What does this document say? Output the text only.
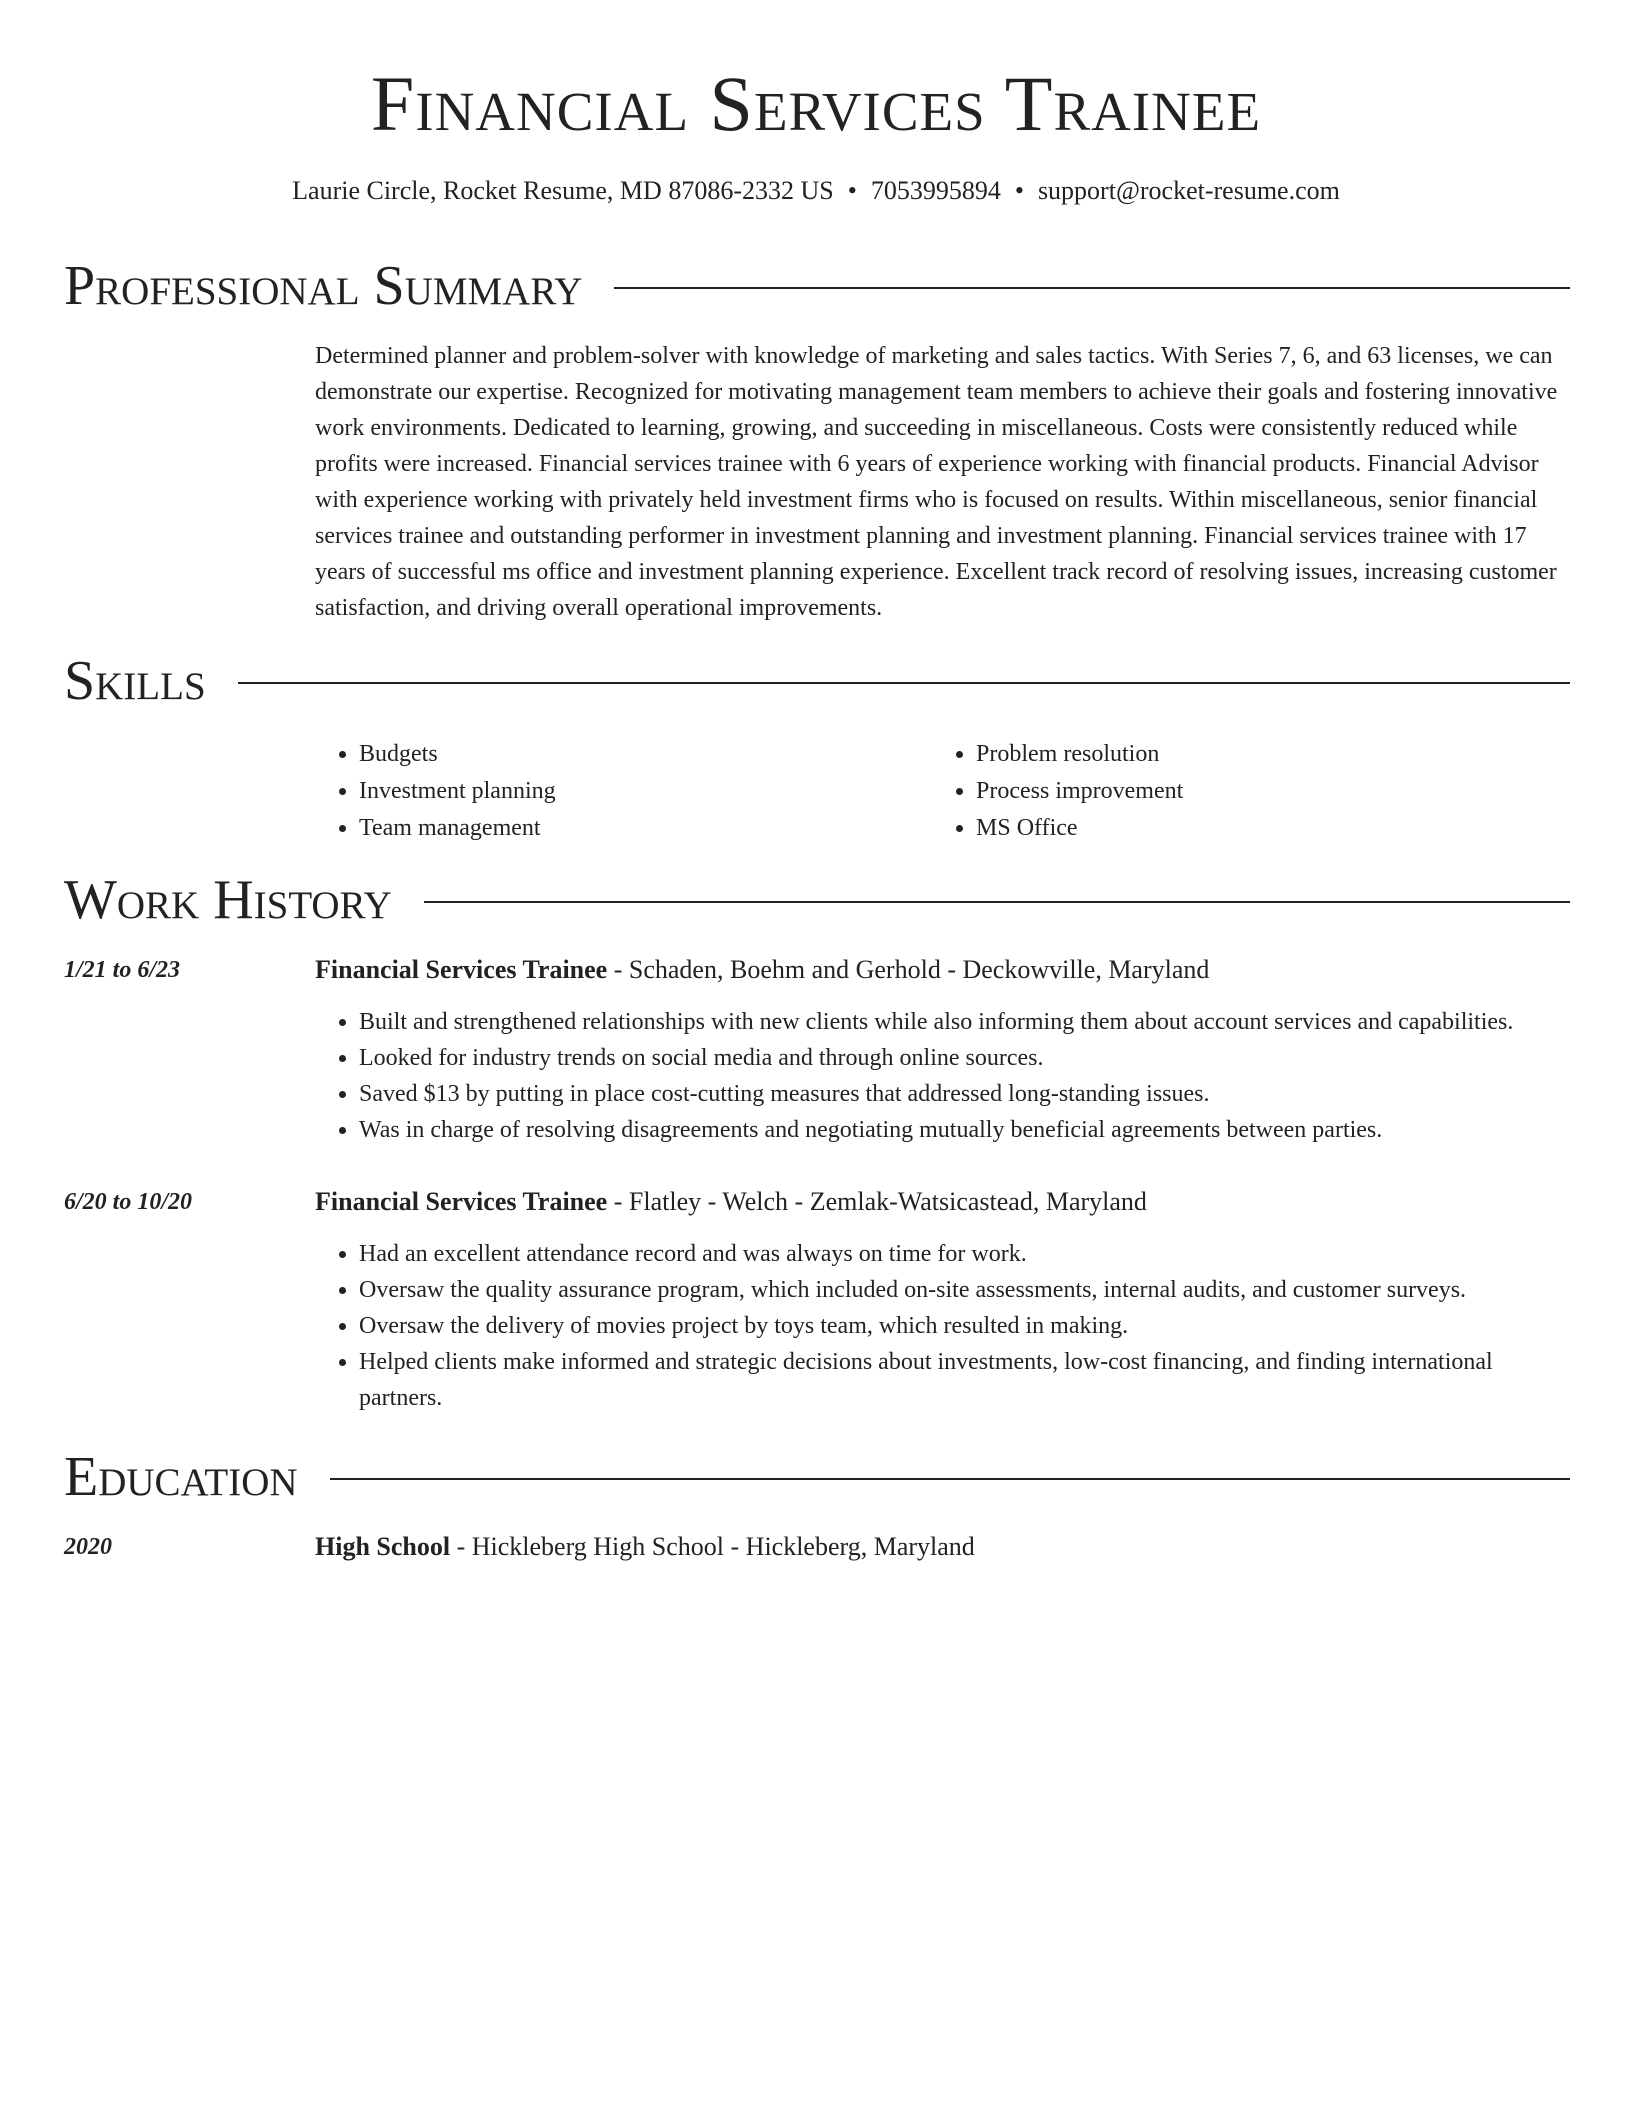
Financial Services Trainee
Laurie Circle, Rocket Resume, MD 87086-2332 US • 7053995894 • support@rocket-resume.com
Professional Summary
Determined planner and problem-solver with knowledge of marketing and sales tactics. With Series 7, 6, and 63 licenses, we can demonstrate our expertise. Recognized for motivating management team members to achieve their goals and fostering innovative work environments. Dedicated to learning, growing, and succeeding in miscellaneous. Costs were consistently reduced while profits were increased. Financial services trainee with 6 years of experience working with financial products. Financial Advisor with experience working with privately held investment firms who is focused on results. Within miscellaneous, senior financial services trainee and outstanding performer in investment planning and investment planning. Financial services trainee with 17 years of successful ms office and investment planning experience. Excellent track record of resolving issues, increasing customer satisfaction, and driving overall operational improvements.
Skills
• Budgets
• Investment planning
• Team management
• Problem resolution
• Process improvement
• MS Office
Work History
1/21 to 6/23	Financial Services Trainee - Schaden, Boehm and Gerhold - Deckowville, Maryland
• Built and strengthened relationships with new clients while also informing them about account services and capabilities.
• Looked for industry trends on social media and through online sources.
• Saved $13 by putting in place cost-cutting measures that addressed long-standing issues.
• Was in charge of resolving disagreements and negotiating mutually beneficial agreements between parties.
6/20 to 10/20	Financial Services Trainee - Flatley - Welch - Zemlak-Watsicastead, Maryland
• Had an excellent attendance record and was always on time for work.
• Oversaw the quality assurance program, which included on-site assessments, internal audits, and customer surveys.
• Oversaw the delivery of movies project by toys team, which resulted in making.
• Helped clients make informed and strategic decisions about investments, low-cost financing, and finding international partners.
Education
2020	High School - Hickleberg High School - Hickleberg, Maryland
